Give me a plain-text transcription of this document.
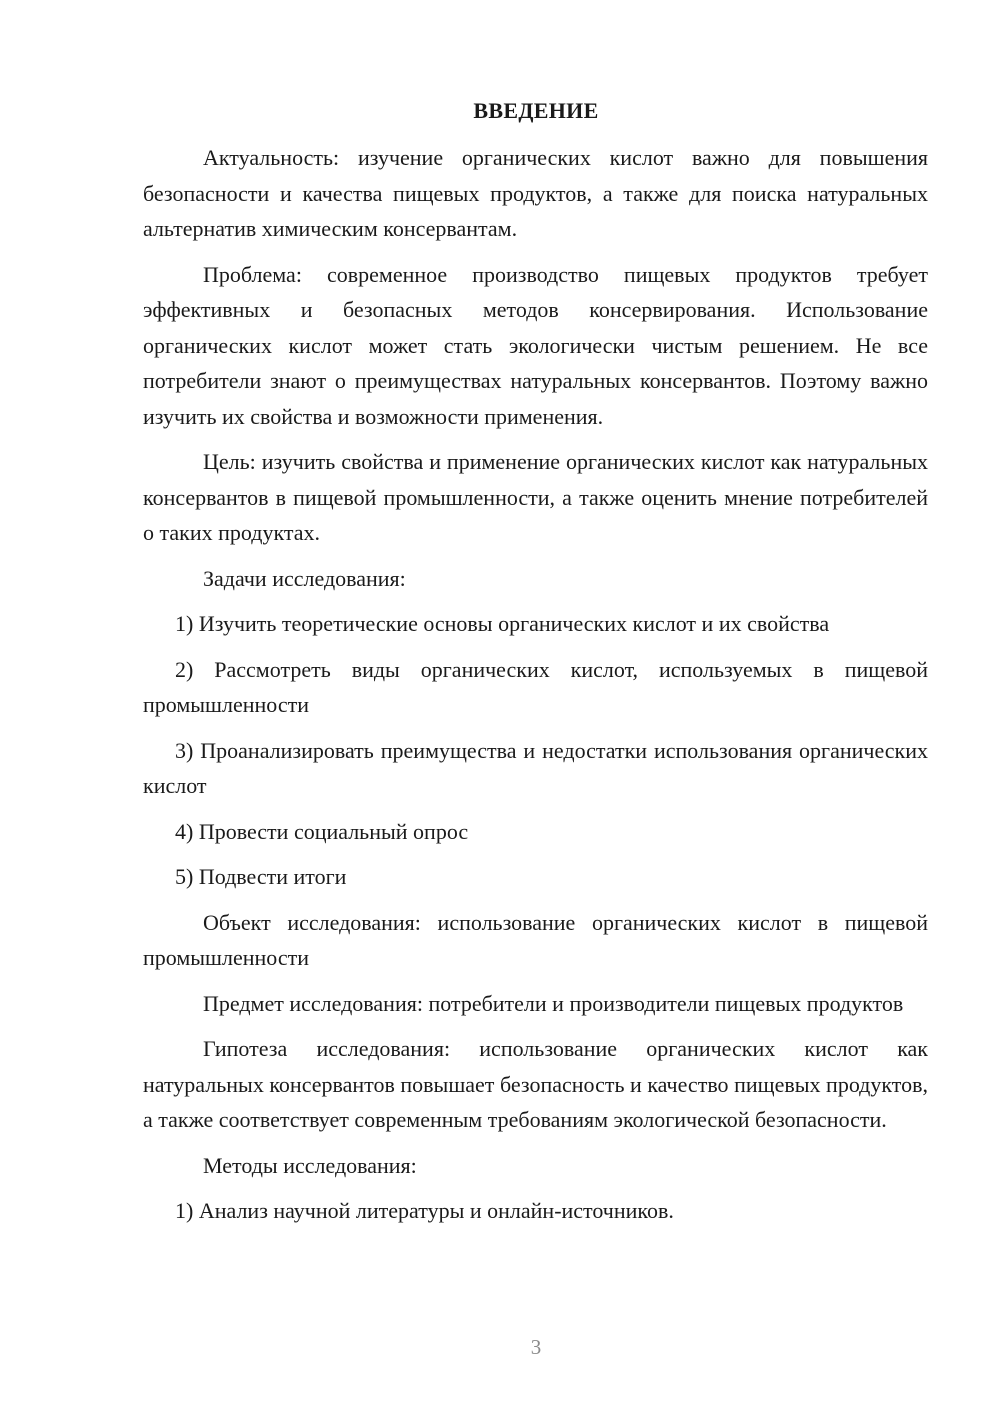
ВВЕДЕНИЕ

Актуальность: изучение органических кислот важно для повышения безопасности и качества пищевых продуктов, а также для поиска натуральных альтернатив химическим консервантам.

Проблема: современное производство пищевых продуктов требует эффективных и безопасных методов консервирования. Использование органических кислот может стать экологически чистым решением. Не все потребители знают о преимуществах натуральных консервантов. Поэтому важно изучить их свойства и возможности применения.

Цель: изучить свойства и применение органических кислот как натуральных консервантов в пищевой промышленности, а также оценить мнение потребителей о таких продуктах.

Задачи исследования:

1) Изучить теоретические основы органических кислот и их свойства

2) Рассмотреть виды органических кислот, используемых в пищевой промышленности

3) Проанализировать преимущества и недостатки использования органических кислот

4) Провести социальный опрос

5) Подвести итоги

Объект исследования: использование органических кислот в пищевой промышленности

Предмет исследования: потребители и производители пищевых продуктов

Гипотеза исследования: использование органических кислот как натуральных консервантов повышает безопасность и качество пищевых продуктов, а также соответствует современным требованиям экологической безопасности.

Методы исследования:

1) Анализ научной литературы и онлайн-источников.

3
